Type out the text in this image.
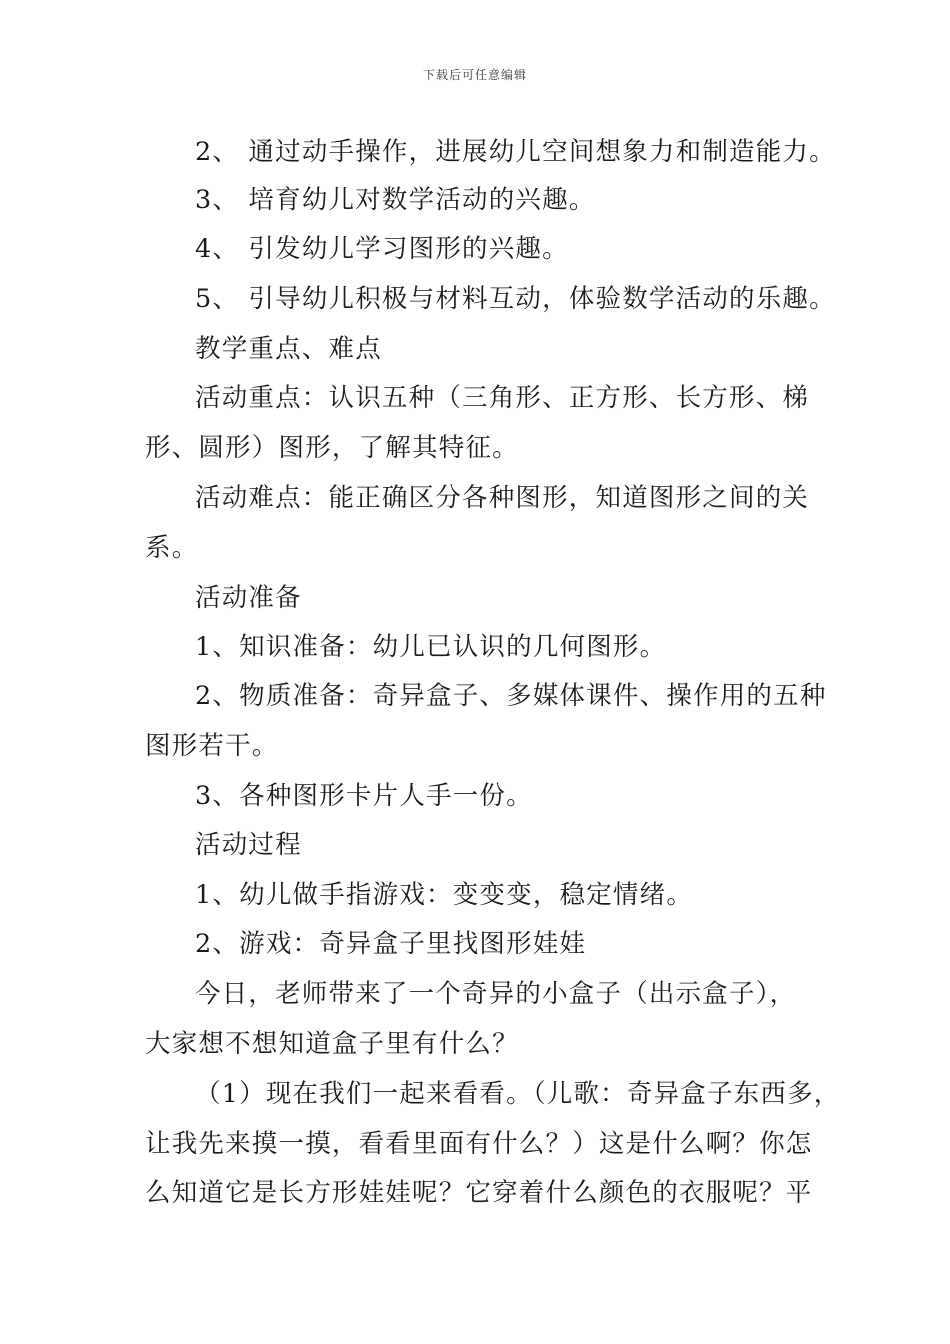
下载后可任意编辑
2、 通过动手操作，进展幼儿空间想象力和制造能力。
3、 培育幼儿对数学活动的兴趣。
4、 引发幼儿学习图形的兴趣。
5、 引导幼儿积极与材料互动，体验数学活动的乐趣。
教学重点、难点
活动重点：认识五种（三角形、正方形、长方形、梯
形、圆形）图形，了解其特征。
活动难点：能正确区分各种图形，知道图形之间的关
系。
活动准备
1、知识准备：幼儿已认识的几何图形。
2、物质准备：奇异盒子、多媒体课件、操作用的五种
图形若干。
3、各种图形卡片人手一份。
活动过程
1、幼儿做手指游戏：变变变，稳定情绪。
2、游戏：奇异盒子里找图形娃娃
今日，老师带来了一个奇异的小盒子（出示盒子），
大家想不想知道盒子里有什么？
（1）现在我们一起来看看。（儿歌：奇异盒子东西多，
让我先来摸一摸，看看里面有什么？）这是什么啊？你怎
么知道它是长方形娃娃呢？它穿着什么颜色的衣服呢？平
